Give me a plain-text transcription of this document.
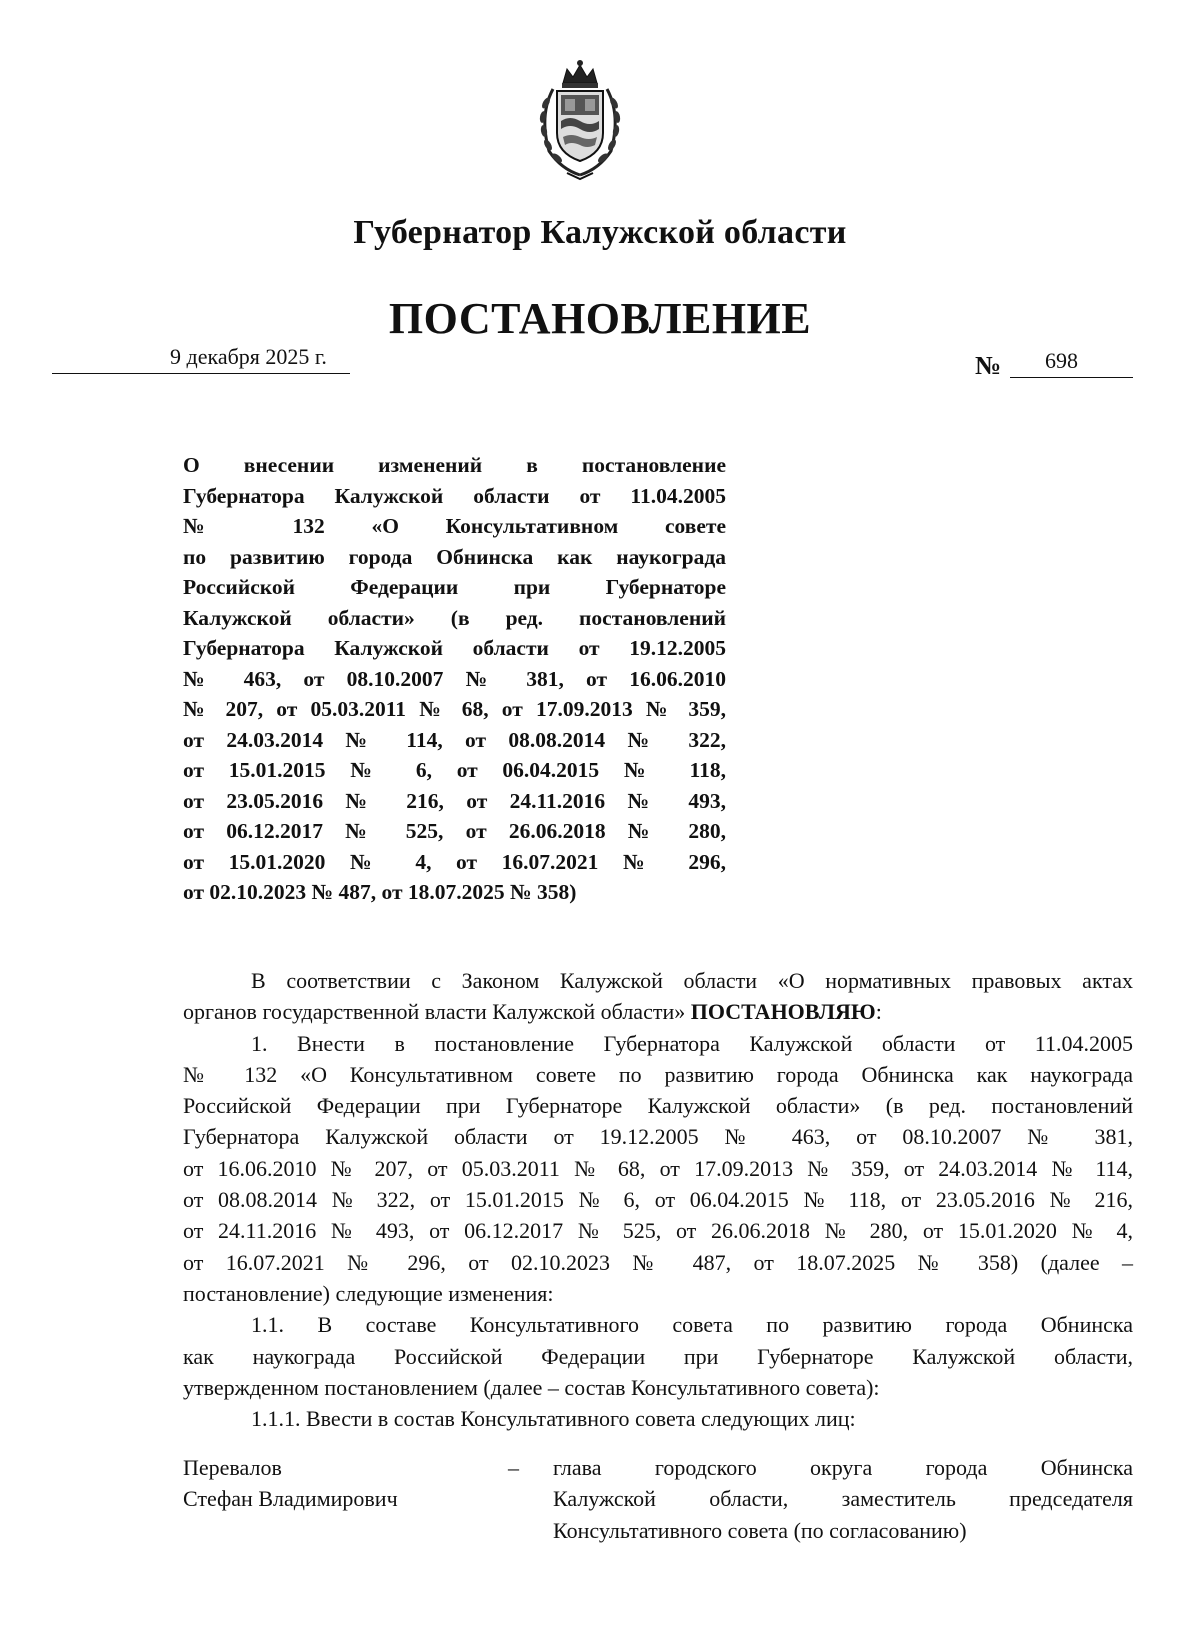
Губернатор Калужской области
ПОСТАНОВЛЕНИЕ
9 декабря 2025 г.	№ 698
О внесении изменений в постановление
Губернатора Калужской области от 11.04.2005
№ 132 «О Консультативном совете
по развитию города Обнинска как наукограда
Российской Федерации при Губернаторе
Калужской области» (в ред. постановлений
Губернатора Калужской области от 19.12.2005
№ 463, от 08.10.2007 № 381, от 16.06.2010
№ 207, от 05.03.2011 № 68, от 17.09.2013 № 359,
от 24.03.2014 № 114, от 08.08.2014 № 322,
от 15.01.2015 № 6, от 06.04.2015 № 118,
от 23.05.2016 № 216, от 24.11.2016 № 493,
от 06.12.2017 № 525, от 26.06.2018 № 280,
от 15.01.2020 № 4, от 16.07.2021 № 296,
от 02.10.2023 № 487, от 18.07.2025 № 358)
В соответствии с Законом Калужской области «О нормативных правовых актах
органов государственной власти Калужской области» ПОСТАНОВЛЯЮ:
1. Внести в постановление Губернатора Калужской области от 11.04.2005
№ 132 «О Консультативном совете по развитию города Обнинска как наукограда
Российской Федерации при Губернаторе Калужской области» (в ред. постановлений
Губернатора Калужской области от 19.12.2005 № 463, от 08.10.2007 № 381,
от 16.06.2010 № 207, от 05.03.2011 № 68, от 17.09.2013 № 359, от 24.03.2014 № 114,
от 08.08.2014 № 322, от 15.01.2015 № 6, от 06.04.2015 № 118, от 23.05.2016 № 216,
от 24.11.2016 № 493, от 06.12.2017 № 525, от 26.06.2018 № 280, от 15.01.2020 № 4,
от 16.07.2021 № 296, от 02.10.2023 № 487, от 18.07.2025 № 358) (далее –
постановление) следующие изменения:
1.1. В составе Консультативного совета по развитию города Обнинска
как наукограда Российской Федерации при Губернаторе Калужской области,
утвержденном постановлением (далее – состав Консультативного совета):
1.1.1. Ввести в состав Консультативного совета следующих лиц:
Перевалов
Стефан Владимирович
– глава городского округа города Обнинска
Калужской области, заместитель председателя
Консультативного совета (по согласованию)
